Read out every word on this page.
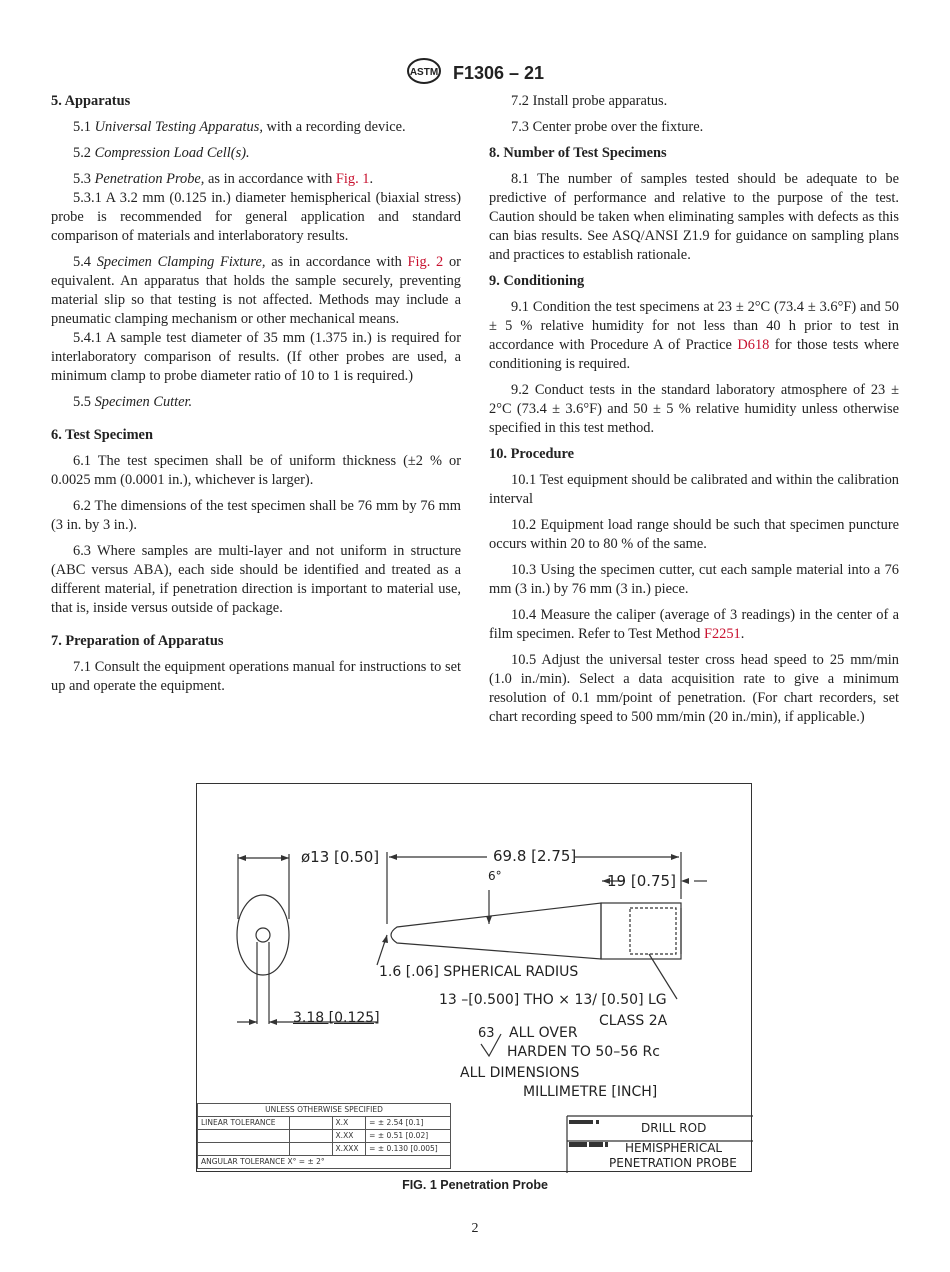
ASTM F1306 – 21
5. Apparatus

5.1 Universal Testing Apparatus, with a recording device.

5.2 Compression Load Cell(s).

5.3 Penetration Probe, as in accordance with Fig. 1.

5.3.1 A 3.2 mm (0.125 in.) diameter hemispherical (biaxial stress) probe is recommended for general application and standard comparison of materials and interlaboratory results.

5.4 Specimen Clamping Fixture, as in accordance with Fig. 2 or equivalent. An apparatus that holds the sample securely, preventing material slip so that testing is not affected. Methods may include a pneumatic clamping mechanism or other mechanical means.

5.4.1 A sample test diameter of 35 mm (1.375 in.) is required for interlaboratory comparison of results. (If other probes are used, a minimum clamp to probe diameter ratio of 10 to 1 is required.)

5.5 Specimen Cutter.

6. Test Specimen

6.1 The test specimen shall be of uniform thickness (±2 % or 0.0025 mm (0.0001 in.), whichever is larger).

6.2 The dimensions of the test specimen shall be 76 mm by 76 mm (3 in. by 3 in.).

6.3 Where samples are multi-layer and not uniform in structure (ABC versus ABA), each side should be identified and treated as a different material, if penetration direction is important to material use, that is, inside versus outside of package.

7. Preparation of Apparatus

7.1 Consult the equipment operations manual for instructions to set up and operate the equipment.

7.2 Install probe apparatus.

7.3 Center probe over the fixture.

8. Number of Test Specimens

8.1 The number of samples tested should be adequate to be predictive of performance and relative to the purpose of the test. Caution should be taken when eliminating samples with defects as this can bias results. See ASQ/ANSI Z1.9 for guidance on sampling plans and practices to establish rationale.

9. Conditioning

9.1 Condition the test specimens at 23 ± 2°C (73.4 ± 3.6°F) and 50 ± 5 % relative humidity for not less than 40 h prior to test in accordance with Procedure A of Practice D618 for those tests where conditioning is required.

9.2 Conduct tests in the standard laboratory atmosphere of 23 ± 2°C (73.4 ± 3.6°F) and 50 ± 5 % relative humidity unless otherwise specified in this test method.

10. Procedure

10.1 Test equipment should be calibrated and within the calibration interval

10.2 Equipment load range should be such that specimen puncture occurs within 20 to 80 % of the same.

10.3 Using the specimen cutter, cut each sample material into a 76 mm (3 in.) by 76 mm (3 in.) piece.

10.4 Measure the caliper (average of 3 readings) in the center of a film specimen. Refer to Test Method F2251.

10.5 Adjust the universal tester cross head speed to 25 mm/min (1.0 in./min). Select a data acquisition rate to give a minimum resolution of 0.1 mm/point of penetration. (For chart recorders, set chart recording speed to 500 mm/min (20 in./min), if applicable.)

ø13 [0.50]	69.8 [2.75]
6°	19 [0.75]
1.6 [.06] SPHERICAL RADIUS
3.18 [0.125]
13 –[0.500] THO × 13/ [0.50] LG
CLASS 2A
63 ALL OVER
HARDEN TO 50–56 Rc
ALL DIMENSIONS
MILLIMETRE [INCH]
UNLESS OTHERWISE SPECIFIED			
LINEAR TOLERANCE		X.X	= ± 2.54 [0.1]
		X.XX	= ± 0.51 [0.02]
		X.XXX	= ± 0.130 [0.005]
ANGULAR TOLERANCE X° = ± 2°			
DRILL ROD
HEMISPHERICAL
PENETRATION PROBE
FIG. 1 Penetration Probe
2
